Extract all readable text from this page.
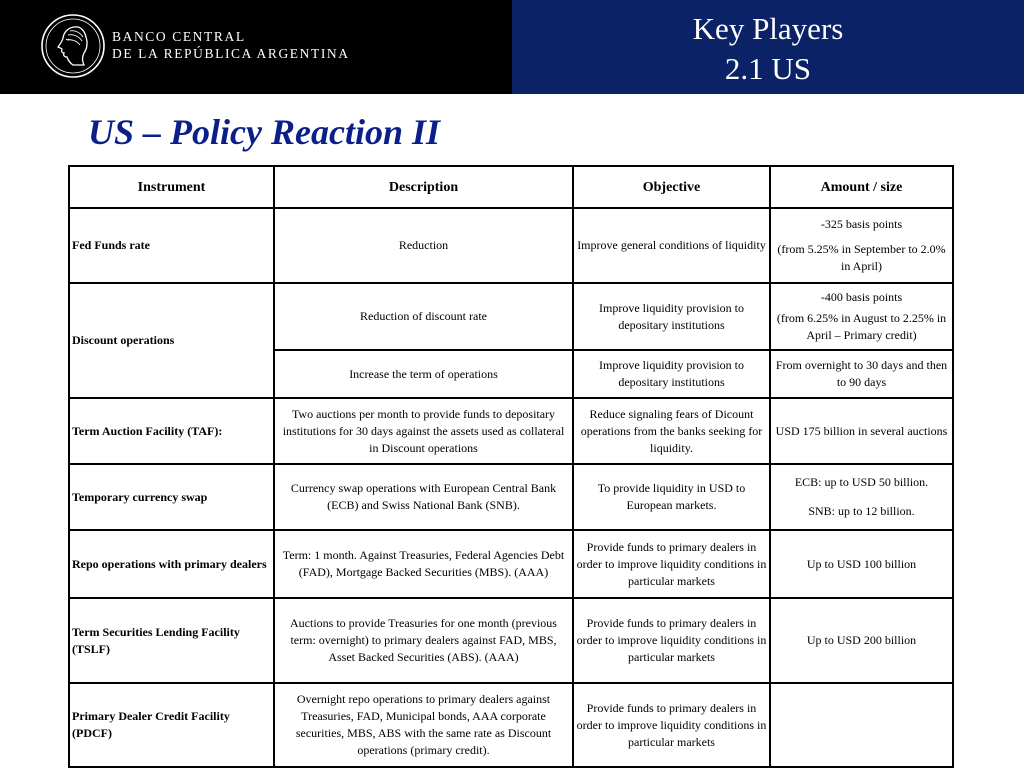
BANCO CENTRAL
DE LA REPÚBLICA ARGENTINA
Key Players
2.1 US
US – Policy Reaction II
Instrument	Description	Objective	Amount / size
Fed Funds rate	Reduction	Improve general conditions of liquidity	-325 basis points
(from 5.25% in September to 2.0% in April)

Discount operations	Reduction of discount rate	Improve liquidity provision to depositary institutions	-400 basis points
(from 6.25% in August to 2.25% in April – Primary credit)

	Increase the term of operations	Improve liquidity provision to depositary institutions	From overnight to 30 days and then to 90 days
Term Auction Facility (TAF):	Two auctions per month to provide funds to depositary institutions for 30 days against the assets used as collateral in Discount operations	Reduce signaling fears of Dicount operations from the banks seeking for liquidity.	USD 175 billion in several auctions
Temporary currency swap	Currency swap operations with European Central Bank (ECB) and Swiss National Bank (SNB).	To provide liquidity in USD to European markets.	ECB: up to USD 50 billion.
SNB: up to 12 billion.

Repo operations with primary dealers	Term: 1 month. Against Treasuries, Federal Agencies Debt (FAD), Mortgage Backed Securities (MBS). (AAA)	Provide funds to primary dealers in order to improve liquidity conditions in particular markets	Up to USD 100 billion
Term Securities Lending Facility (TSLF)	Auctions to provide Treasuries for one month (previous term: overnight) to primary dealers against FAD, MBS, Asset Backed Securities (ABS). (AAA)	Provide funds to primary dealers in order to improve liquidity conditions in particular markets	Up to USD 200 billion
Primary Dealer Credit Facility (PDCF)	Overnight repo operations to primary dealers against Treasuries, FAD, Municipal bonds, AAA corporate securities, MBS, ABS with the same rate as Discount operations (primary credit).	Provide funds to primary dealers in order to improve liquidity conditions in particular markets	
